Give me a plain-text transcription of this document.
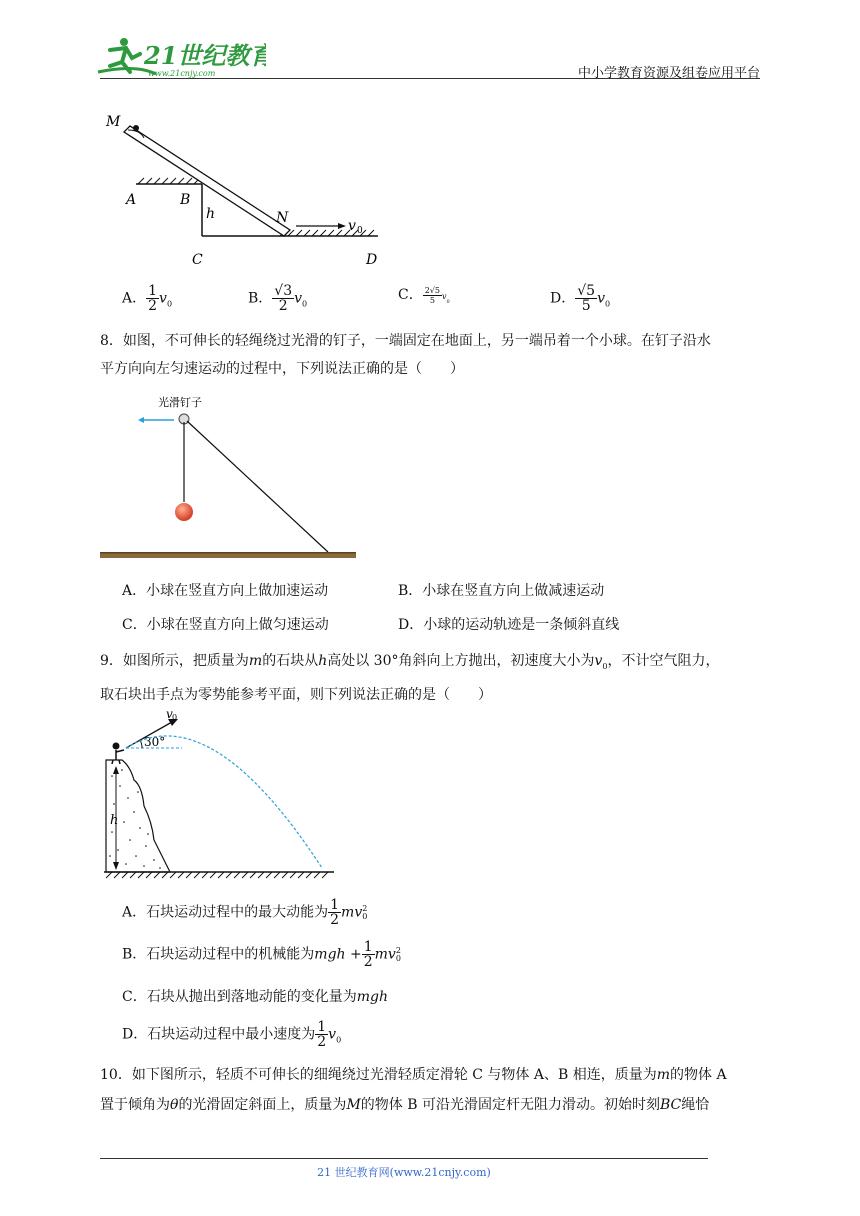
21世纪教育
www.21cnjy.com	中小学教育资源及组卷应用平台
M
A	B
h	N	v 0
C	D
A． $\frac{1}{2} v_0$	B． $\frac{√3}{2} v_0$
C． $\frac{2√5}{5} v_0$	D． $\frac{√5}{5} v_0$
8．如图，不可伸长的轻绳绕过光滑的钉子，一端固定在地面上，另一端吊着一个小球。在钉子沿水
平方向向左匀速运动的过程中，下列说法正确的是（　　）
光滑钉子
A．小球在竖直方向上做加速运动	B．小球在竖直方向上做减速运动
C．小球在竖直方向上做匀速运动	D．小球的运动轨迹是一条倾斜直线
9．如图所示，把质量为m的石块从h高处以 30°角斜向上方抛出，初速度大小为$v_0$，不计空气阻力，
取石块出手点为零势能参考平面，则下列说法正确的是（　　）
h
v 0
30°
A．石块运动过程中的最大动能为 $\frac{1}{2}$ mv 2
0
B．石块运动过程中的机械能为mgh + $\frac{1}{2}$ mv 2
0
C．石块从抛出到落地动能的变化量为mgh
D．石块运动过程中最小速度为 $\frac{1}{2} v_0$
10．如下图所示，轻质不可伸长的细绳绕过光滑轻质定滑轮 C 与物体 A、B 相连，质量为m的物体 A
置于倾角为θ的光滑固定斜面上，质量为M的物体 B 可沿光滑固定杆无阻力滑动。初始时刻BC绳恰
21 世纪教育网(www.21cnjy.com)
